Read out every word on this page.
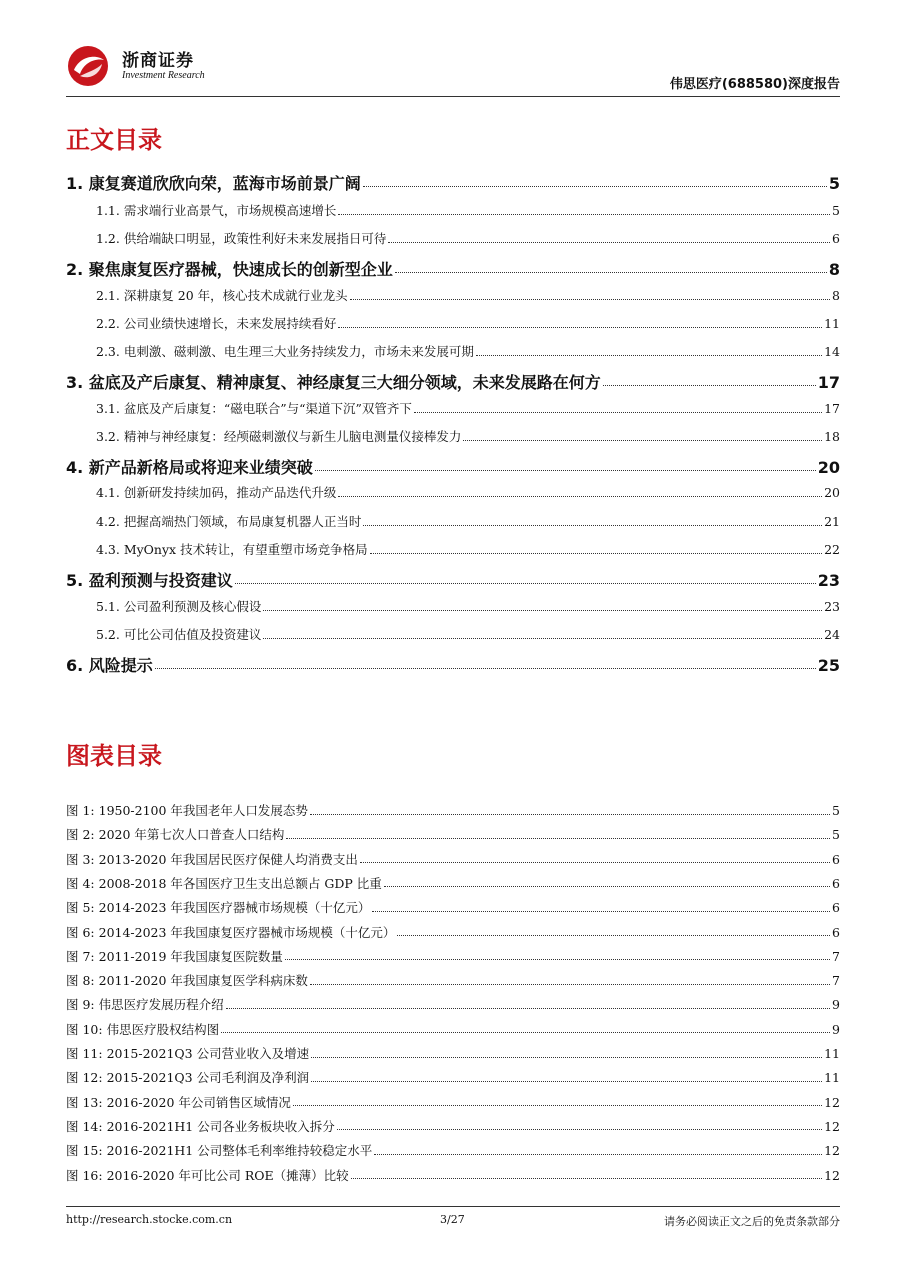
浙商证券
Investment Research
伟思医疗(688580)深度报告
正文目录
1. 康复赛道欣欣向荣，蓝海市场前景广阔	5
1.1. 需求端行业高景气，市场规模高速增长	5
1.2. 供给端缺口明显，政策性利好未来发展指日可待	6
2. 聚焦康复医疗器械，快速成长的创新型企业	8
2.1. 深耕康复 20 年，核心技术成就行业龙头	8
2.2. 公司业绩快速增长，未来发展持续看好	11
2.3. 电刺激、磁刺激、电生理三大业务持续发力，市场未来发展可期	14
3. 盆底及产后康复、精神康复、神经康复三大细分领域，未来发展路在何方	17
3.1. 盆底及产后康复：“磁电联合”与“渠道下沉”双管齐下	17
3.2. 精神与神经康复：经颅磁刺激仪与新生儿脑电测量仪接棒发力	18
4. 新产品新格局或将迎来业绩突破	20
4.1. 创新研发持续加码，推动产品迭代升级	20
4.2. 把握高端热门领域，布局康复机器人正当时	21
4.3. MyOnyx 技术转让，有望重塑市场竞争格局	22
5. 盈利预测与投资建议	23
5.1. 公司盈利预测及核心假设	23
5.2. 可比公司估值及投资建议	24
6. 风险提示	25
图表目录
图 1: 1950-2100 年我国老年人口发展态势	5
图 2: 2020 年第七次人口普查人口结构	5
图 3: 2013-2020 年我国居民医疗保健人均消费支出	6
图 4: 2008-2018 年各国医疗卫生支出总额占 GDP 比重	6
图 5: 2014-2023 年我国医疗器械市场规模（十亿元）	6
图 6: 2014-2023 年我国康复医疗器械市场规模（十亿元）	6
图 7: 2011-2019 年我国康复医院数量	7
图 8: 2011-2020 年我国康复医学科病床数	7
图 9: 伟思医疗发展历程介绍	9
图 10: 伟思医疗股权结构图	9
图 11: 2015-2021Q3 公司营业收入及增速	11
图 12: 2015-2021Q3 公司毛利润及净利润	11
图 13: 2016-2020 年公司销售区域情况	12
图 14: 2016-2021H1 公司各业务板块收入拆分	12
图 15: 2016-2021H1 公司整体毛利率维持较稳定水平	12
图 16: 2016-2020 年可比公司 ROE（摊薄）比较	12
http://research.stocke.com.cn	3/27	请务必阅读正文之后的免责条款部分
